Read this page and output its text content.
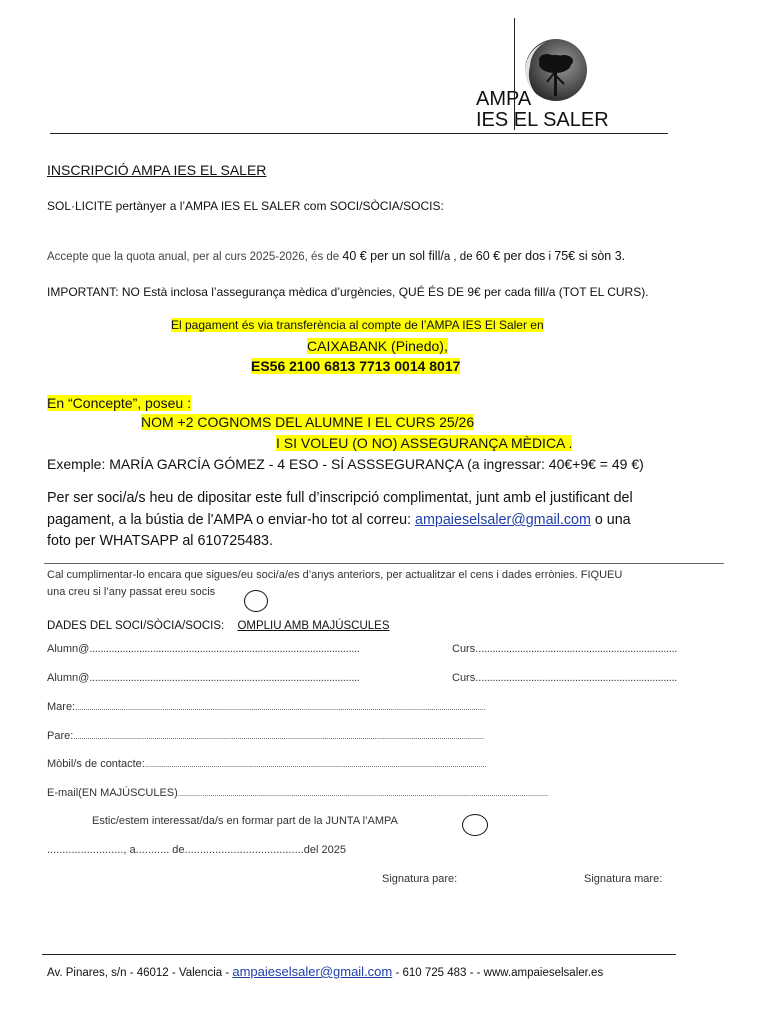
AMPA
IES EL SALER
INSCRIPCIÓ AMPA IES EL SALER
SOL·LICITE pertànyer a l’AMPA IES EL SALER com SOCI/SÒCIA/SOCIS:
Accepte que la quota anual, per al curs 2025-2026, és de 40 € per un sol fill/a , de 60 € per dos i 75€ si sòn 3.
IMPORTANT: NO Està inclosa l’assegurança mèdica d’urgències, QUÉ ÉS DE 9€ per cada fill/a (TOT EL CURS).
El pagament és via transferència al compte de l’AMPA IES El Saler en
CAIXABANK (Pinedo),
ES56 2100 6813 7713 0014 8017
En “Concepte”, poseu :
NOM +2 COGNOMS DEL ALUMNE I EL CURS 25/26
I SI VOLEU (O NO) ASSEGURANÇA MÈDICA .
Exemple: MARÍA GARCÍA GÓMEZ - 4 ESO - SÍ ASSSEGURANÇA (a ingressar: 40€+9€ = 49 €)
Per ser soci/a/s heu de dipositar este full d’inscripció complimentat, junt amb el justificant del
pagament, a la bústia de l'AMPA o enviar-ho tot al correu: ampaieselsaler@gmail.com o una
foto per WHATSAPP al 610725483.
Cal cumplimentar-lo encara que sigues/eu soci/a/es d’anys anteriors, per actualitzar el cens i dades errònies. FIQUEU
una creu si l’any passat ereu socis
DADES DEL SOCI/SÒCIA/SOCIS: OMPLIU AMB MAJÚSCULES
Alumn@..................................................................................................	Curs.........................................................................
Alumn@..................................................................................................	Curs.........................................................................
Mare:...........................................................................................................................................................................................................
Pare:...........................................................................................................................................................................................................
Mòbil/s de contacte:.........................................................................................................................................................................
E-mail(EN MAJÚSCULES).......................................................................................................................................................................................
Estic/estem interessat/da/s en formar part de la JUNTA l’AMPA
........................., a........... de.......................................del 2025
Signatura pare:	Signatura mare:
Av. Pinares, s/n - 46012 - Valencia - ampaieselsaler@gmail.com - 610 725 483 - - www.ampaieselsaler.es
